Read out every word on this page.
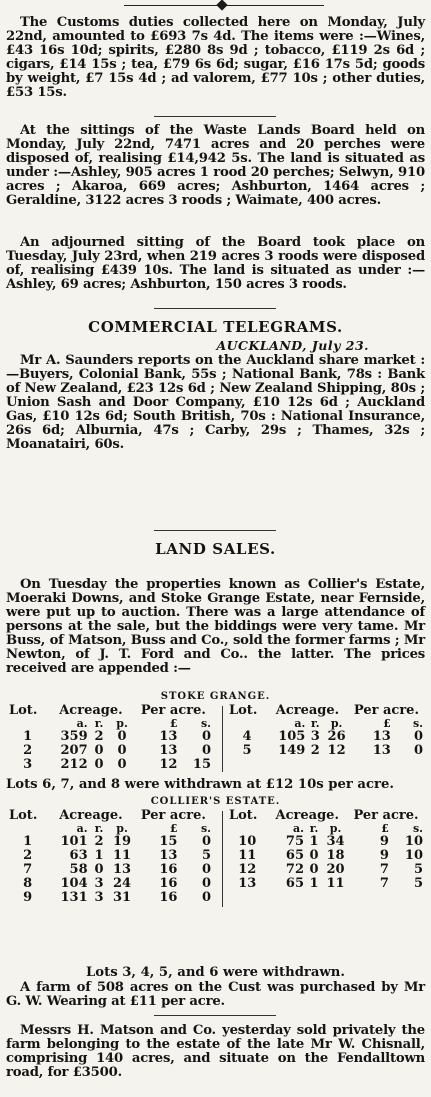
The Customs duties collected here on Monday, July 22nd, amounted to £693 7s 4d. The items were :—Wines, £43 16s 10d; spirits, £280 8s 9d ; tobacco, £119 2s 6d ; cigars, £14 15s ; tea, £79 6s 6d; sugar, £16 17s 5d; goods by weight, £7 15s 4d ; ad valorem, £77 10s ; other duties, £53 15s.

At the sittings of the Waste Lands Board held on Monday, July 22nd, 7471 acres and 20 perches were disposed of, realising £14,942 5s. The land is situated as under :—Ashley, 905 acres 1 rood 20 perches; Selwyn, 910 acres ; Akaroa, 669 acres; Ashburton, 1464 acres ; Geraldine, 3122 acres 3 roods ; Waimate, 400 acres.

An adjourned sitting of the Board took place on Tuesday, July 23rd, when 219 acres 3 roods were disposed of, realising £439 10s. The land is situated as under :—Ashley, 69 acres; Ashburton, 150 acres 3 roods.

COMMERCIAL TELEGRAMS.
AUCKLAND, July 23.

Mr A. Saunders reports on the Auckland share market :—Buyers, Colonial Bank, 55s ; National Bank, 78s : Bank of New Zealand, £23 12s 6d ; New Zealand Shipping, 80s ; Union Sash and Door Company, £10 12s 6d ; Auckland Gas, £10 12s 6d; South British, 70s : National Insurance, 26s 6d; Alburnia, 47s ; Carby, 29s ; Thames, 32s ; Moanatairi, 60s.

LAND SALES.

On Tuesday the properties known as Collier's Estate, Moeraki Downs, and Stoke Grange Estate, near Fernside, were put up to auction. There was a large attendance of persons at the sale, but the biddings were very tame. Mr Buss, of Matson, Buss and Co., sold the former farms ; Mr Newton, of J. T. Ford and Co.. the latter. The prices received are appended :—

STOKE GRANGE.
Lot.	Acreage.			Per acre.	
	a.	r.	p.	£	s.
1	359	2	0	13	0
2	207	0	0	13	0
3	212	0	0	12	15
Lot.	Acreage.			Per acre.	
	a.	r.	p.	£	s.
4	105	3	26	13	0
5	149	2	12	13	0
Lots 6, 7, and 8 were withdrawn at £12 10s per acre.
COLLIER'S ESTATE.
Lot.	Acreage.			Per acre.	
	a.	r.	p.	£	s.
1	101	2	19	15	0
2	63	1	11	13	5
7	58	0	13	16	0
8	104	3	24	16	0
9	131	3	31	16	0
Lot.	Acreage.			Per acre.	
	a.	r.	p.	£	s.
10	75	1	34	9	10
11	65	0	18	9	10
12	72	0	20	7	5
13	65	1	11	7	5
Lots 3, 4, 5, and 6 were withdrawn.

A farm of 508 acres on the Cust was purchased by Mr G. W. Wearing at £11 per acre.

Messrs H. Matson and Co. yesterday sold privately the farm belonging to the estate of the late Mr W. Chisnall, comprising 140 acres, and situate on the Fendalltown road, for £3500.
